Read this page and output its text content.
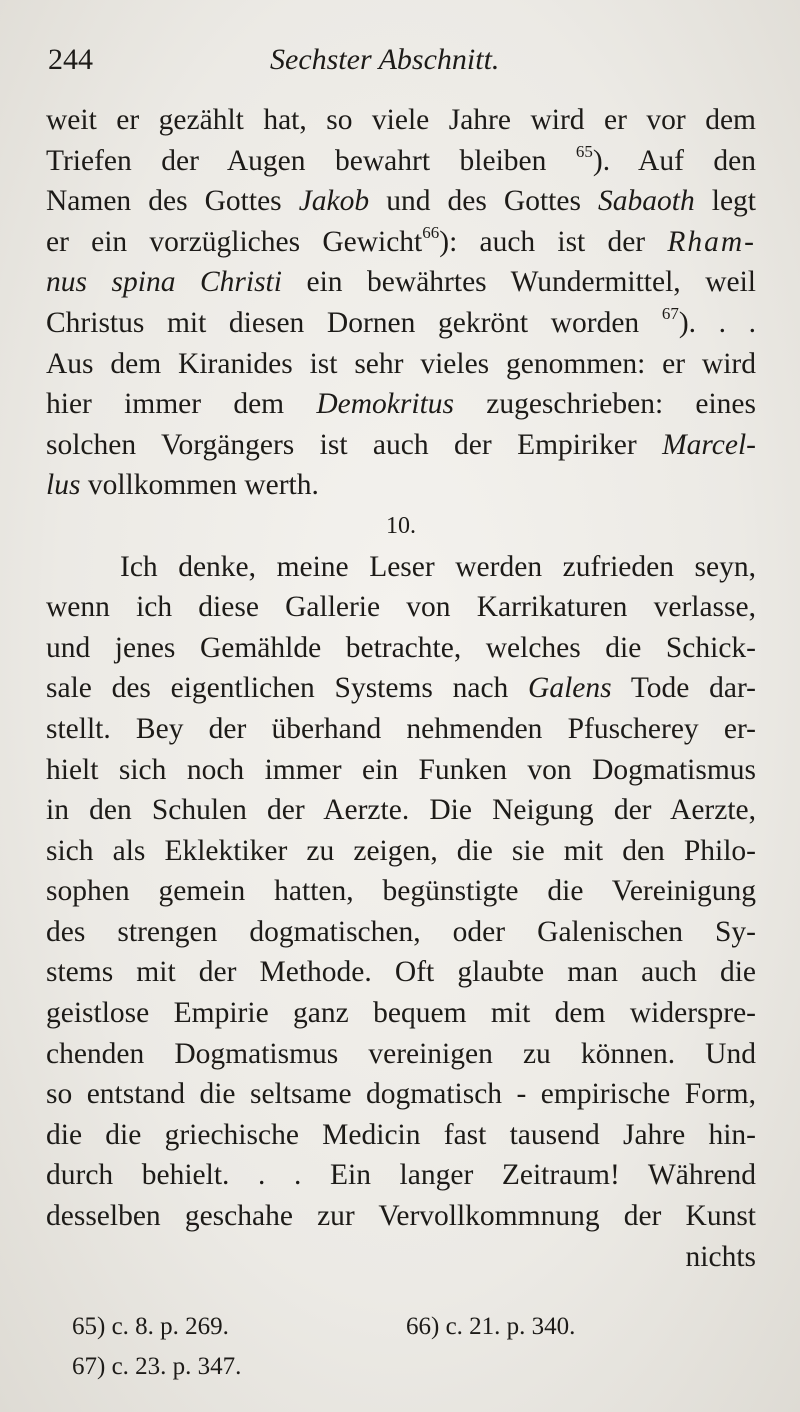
244	Sechster Abschnitt.
weit er gezählt hat, so viele Jahre wird er vor dem
Triefen der Augen bewahrt bleiben $^{65}$). Auf den
Namen des Gottes Jakob und des Gottes Sabaoth legt
er ein vorzügliches Gewicht$^{66}$): auch ist der Rham-
nus spina Christi ein bewährtes Wundermittel, weil
Christus mit diesen Dornen gekrönt worden $^{67}$). . .
Aus dem Kiranides ist sehr vieles genommen: er wird
hier immer dem Demokritus zugeschrieben: eines
solchen Vorgängers ist auch der Empiriker Marcel-
lus vollkommen werth.
10.
Ich denke, meine Leser werden zufrieden seyn,
wenn ich diese Gallerie von Karrikaturen verlasse,
und jenes Gemählde betrachte, welches die Schick-
sale des eigentlichen Systems nach Galens Tode dar-
stellt. Bey der überhand nehmenden Pfuscherey er-
hielt sich noch immer ein Funken von Dogmatismus
in den Schulen der Aerzte. Die Neigung der Aerzte,
sich als Eklektiker zu zeigen, die sie mit den Philo-
sophen gemein hatten, begünstigte die Vereinigung
des strengen dogmatischen, oder Galenischen Sy-
stems mit der Methode. Oft glaubte man auch die
geistlose Empirie ganz bequem mit dem widerspre-
chenden Dogmatismus vereinigen zu können. Und
so entstand die seltsame dogmatisch - empirische Form,
die die griechische Medicin fast tausend Jahre hin-
durch behielt. . . Ein langer Zeitraum! Während
desselben geschahe zur Vervollkommnung der Kunst
nichts
65) c. 8. p. 269.	66) c. 21. p. 340.
67) c. 23. p. 347.
